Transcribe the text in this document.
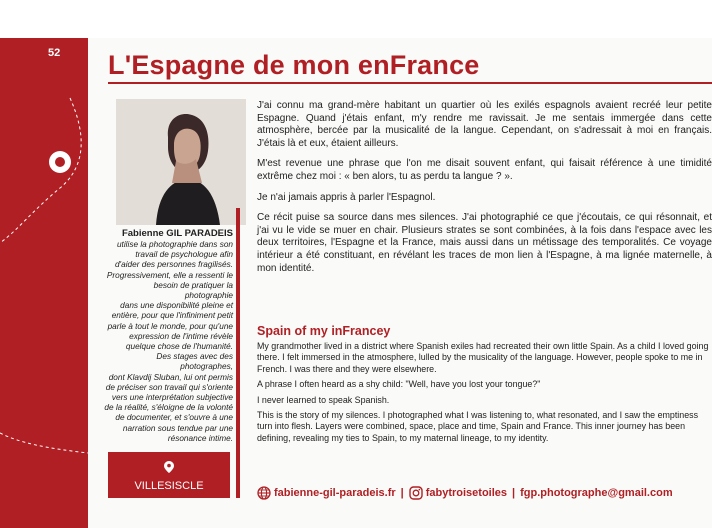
52 L'Espagne de mon enFrance
Fabienne GIL PARADEIS
utilise la photographie dans son
travail de psychologue afin
d'aider des personnes fragilisés.
Progressivement, elle a ressenti le
besoin de pratiquer la photographie
dans une disponibilité pleine et
entière, pour que l'infiniment petit
parle à tout le monde, pour qu'une
expression de l'intime révèle
quelque chose de l'humanité.
Des stages avec des photographes,
dont Klavdij Sluban, lui ont permis
de préciser son travail qui s'oriente
vers une interprétation subjective
de la réalité, s'éloigne de la volonté
de documenter, et s'ouvre à une
narration sous tendue par une
résonance intime.
VILLESISCLE

J'ai connu ma grand-mère habitant un quartier où les exilés espagnols avaient recréé leur petite Espagne. Quand j'étais enfant, m'y rendre me ravissait. Je me sentais immergée dans cette atmosphère, bercée par la musicalité de la langue. Cependant, on s'adressait à moi en français. J'étais là et eux, étaient ailleurs.

M'est revenue une phrase que l'on me disait souvent enfant, qui faisait référence à une timidité extrême chez moi : « ben alors, tu as perdu ta langue ? ».

Je n'ai jamais appris à parler l'Espagnol.

Ce récit puise sa source dans mes silences. J'ai photographié ce que j'écoutais, ce qui résonnait, et j'ai vu le vide se muer en chair. Plusieurs strates se sont combinées, à la fois dans l'espace avec les deux territoires, l'Espagne et la France, mais aussi dans un métissage des temporalités. Ce voyage intérieur a été constituant, en révélant les traces de mon lien à l'Espagne, à ma lignée maternelle, à mon identité.

Spain of my inFrancey

My grandmother lived in a district where Spanish exiles had recreated their own little Spain. As a child I loved going there. I felt immersed in the atmosphere, lulled by the musicality of the language. However, people spoke to me in French. I was there and they were elsewhere.

A phrase I often heard as a shy child: "Well, have you lost your tongue?"

I never learned to speak Spanish.

This is the story of my silences. I photographed what I was listening to, what resonated, and I saw the emptiness turn into flesh. Layers were combined, space, place and time, Spain and France. This inner journey has been defining, revealing my ties to Spain, to my maternal lineage, to my identity.

fabienne-gil-paradeis.fr | fabytroisetoiles | fgp.photographe@gmail.com
